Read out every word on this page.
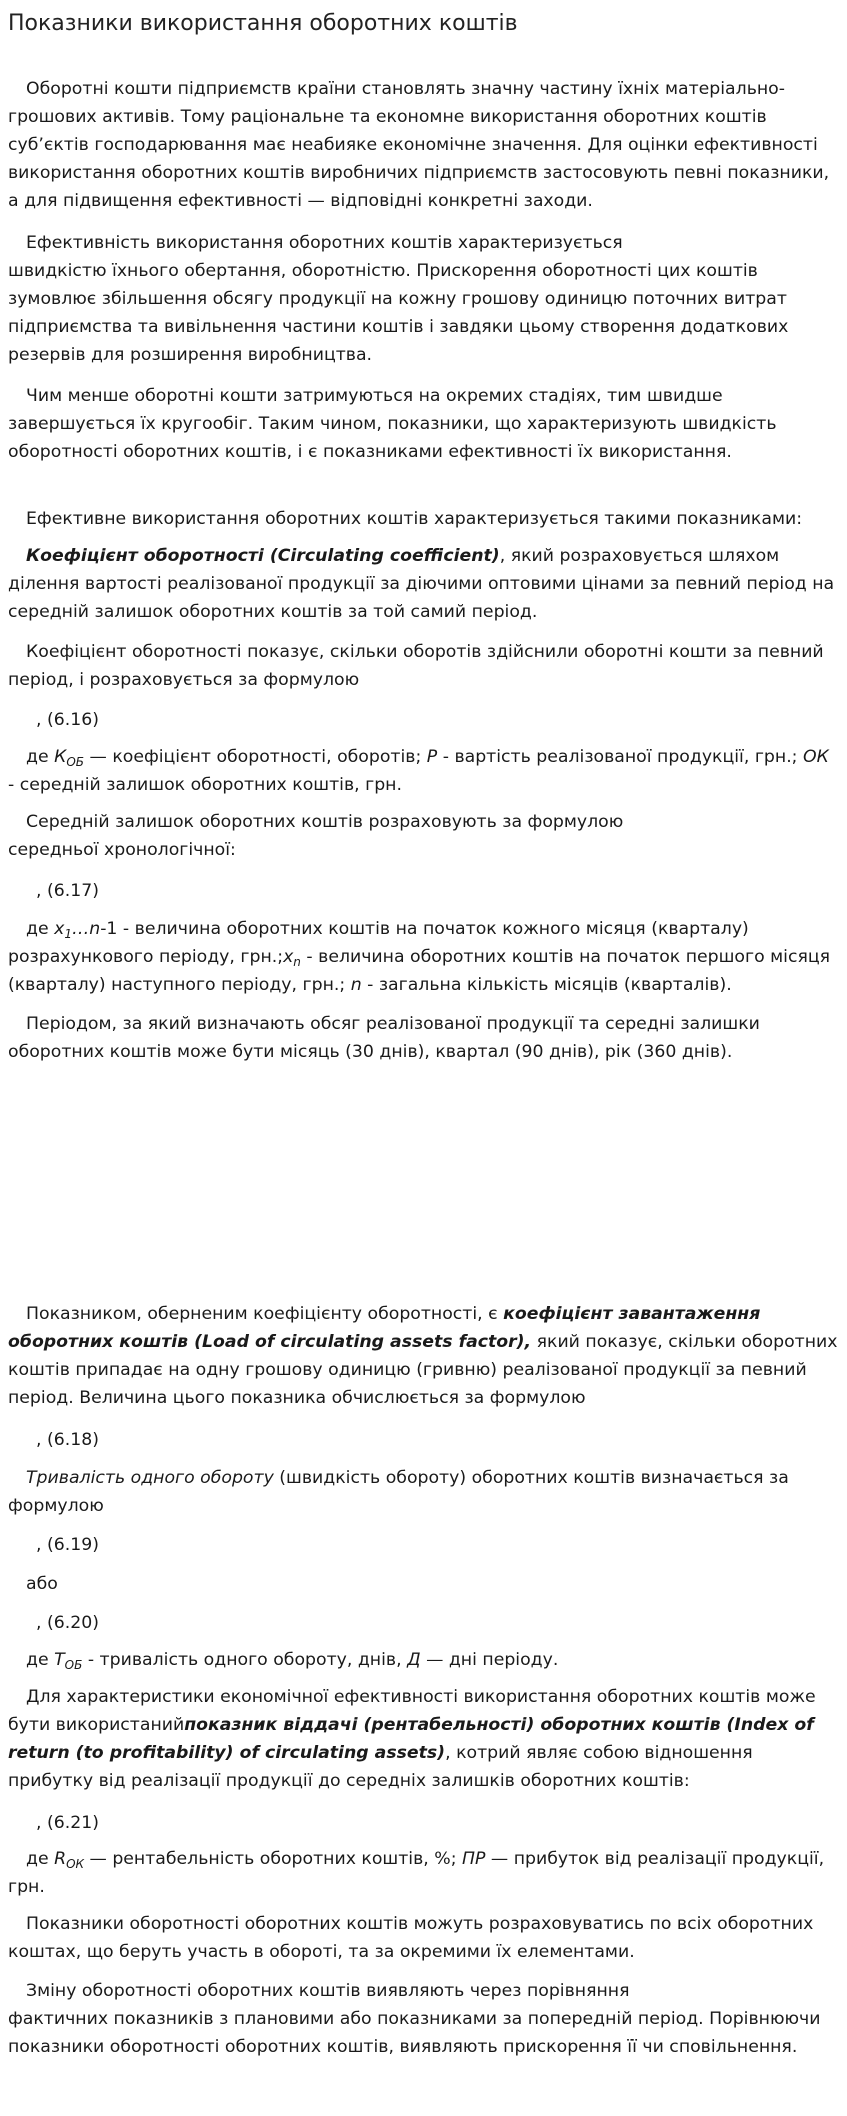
Показники використання оборотних коштів

Оборотні кошти підприємств країни становлять значну частину їхніх матеріально-грошових активів. Тому раціональне та економне використання оборотних коштів суб’єктів господарювання має неабияке економічне значення. Для оцінки ефективності використання оборотних коштів виробничих підприємств застосовують певні показники, а для підвищення ефективності — відповідні конкретні заходи.

Ефективність використання оборотних коштів характеризується
швидкістю їхнього обертання, оборотністю. Прискорення оборотності цих коштів зумовлює збільшення обсягу продукції на кожну грошову одиницю поточних витрат підприємства та вивільнення частини коштів і завдяки цьому створення додаткових резервів для розширення виробництва.

Чим менше оборотні кошти затримуються на окремих стадіях, тим швидше завершується їх кругообіг. Таким чином, показники, що характеризують швидкість оборотності оборотних коштів, і є показниками ефективності їх використання.

Ефективне використання оборотних коштів характеризується такими показниками:

Коефіцієнт оборотності (Circulating coefficient), який розраховується шляхом ділення вартості реалізованої продукції за діючими оптовими цінами за певний період на середній залишок оборотних коштів за той самий період.

Коефіцієнт оборотності показує, скільки оборотів здійснили оборотні кошти за певний період, і розраховується за формулою

, (6.16)

де $К_{ОБ}$ — коефіцієнт оборотності, оборотів; Р - вартість реалізованої продукції, грн.; ОК - середній залишок оборотних коштів, грн.

Середній залишок оборотних коштів розраховують за формулою
середньої хронологічної:

, (6.17)

де $х_1\dots n-1$ - величина оборотних коштів на початок кожного місяця (кварталу) розрахункового періоду, $грн.;х_n$ - величина оборотних коштів на початок першого місяця (кварталу) наступного періоду, грн.; n - загальна кількість місяців (кварталів).

Періодом, за який визначають обсяг реалізованої продукції та середні залишки оборотних коштів може бути місяць (30 днів), квартал (90 днів), рік (360 днів).

Показником, оберненим коефіцієнту оборотності, є коефіцієнт завантаження оборотних коштів (Load of circulating assets factor), який показує, скільки оборотних коштів припадає на одну грошову одиницю (гривню) реалізованої продукції за певний період. Величина цього показника обчислюється за формулою

, (6.18)

Тривалість одного обороту (швидкість обороту) оборотних коштів визначається за формулою

, (6.19)

або

, (6.20)

де $Т_{ОБ}$ - тривалість одного обороту, днів, Д — дні періоду.

Для характеристики економічної ефективності використання оборотних коштів може бути використанийпоказник віддачі (рентабельності) оборотних коштів (Index of return (to profitability) of circulating assets), котрий являє собою відношення прибутку від реалізації продукції до середніх залишків оборотних коштів:

, (6.21)

де $R_{ОК}$ — рентабельність оборотних коштів, %; ПР — прибуток від реалізації продукції, грн.

Показники оборотності оборотних коштів можуть розраховуватись по всіх оборотних коштах, що беруть участь в обороті, та за окремими їх елементами.

Зміну оборотності оборотних коштів виявляють через порівняння
фактичних показників з плановими або показниками за попередній період. Порівнюючи показники оборотності оборотних коштів, виявляють прискорення її чи сповільнення.
